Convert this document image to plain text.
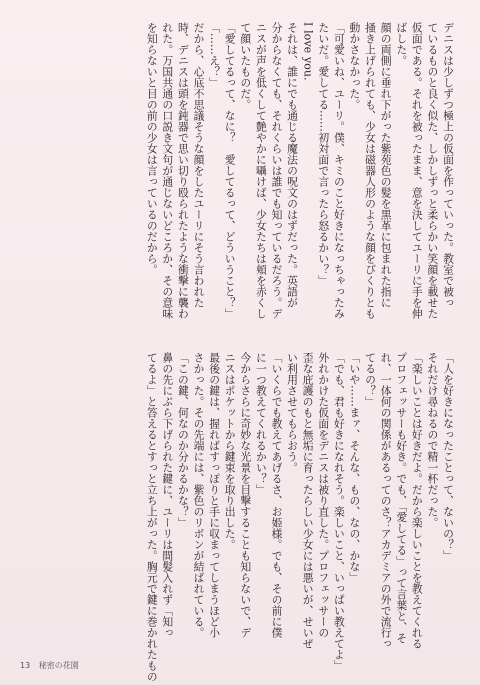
デニスは少しずつ極上の仮面を作っていった。教室で被っ
ているものと良く似た、しかしずっと柔らかい笑顔を載せた
仮面である。それを被ったまま、意を決してユーリに手を伸
ばした。
顔の両側に垂れ下がった紫苑色の髪を黒革に包まれた指に
掻き上げられても、少女は磁器人形のような顔をぴくりとも
動かさなかった。
「可愛いね、ユーリ。僕、キミのこと好きになっちゃったみ
たいだ。愛してる……初対面で言ったら怒るかい？」
I love you.
それは、誰にでも通じる魔法の呪文のはずだった。英語が
分からなくても、それくらいは誰でも知っているだろう。デ
ニスが声を低くして艶やかに囁けば、少女たちは頬を赤くし
て顔いたものだ。
「愛してるって、なに？　愛してるって、どういうこと？」
「……え？」
だから、心底不思議そうな顔をしたユーリにそう言われた
時、デニスは頭を鈍器で思い切り殴られたような衝撃に襲わ
れた。万国共通の口説き文句が通じないどころか、その意味
を知らないと目の前の少女は言っているのだから。
「人を好きになったことって、ないの？」
それだけ尋ねるので精一杯だった。
「楽しいことは好きだよ。だから楽しいことを教えてくれる
プロフェッサーも好き。でも、「愛してる」って言葉と、そ
れ、一体何の関係があるってのさ？アカデミアの外で流行っ
てるの？」
「いや……まァ、そんな、もの、なの、かな」
「でも、君も好きになれそう。楽しいこと、いっぱい教えてよ」
外れかけた仮面をデニスは被り直した。プロフェッサーの
歪な庇護のもと無垢に育ったらしい少女には悪いが、せいぜ
い利用させてもらおう。
「いくらでも教えてあげるさ、お姫様。でも、その前に僕
に一つ教えてくれるかい？」
今からさらに奇妙な光景を目撃することも知らないで、デ
ニスはポケットから鍵束を取り出した。
最後の鍵は、握ればすっぽりと手に収まってしまうほど小
さかった。その先端には、紫色のリボンが結ばれている。
「この鍵、何なのか分かるかな？」
鼻の先にぶら下げられた鍵に、ユーリは間髪入れず「知っ
てるよ」と答えるとすっと立ち上がった。胸元で鍵に巻かれたもの
13 秘密の花園
